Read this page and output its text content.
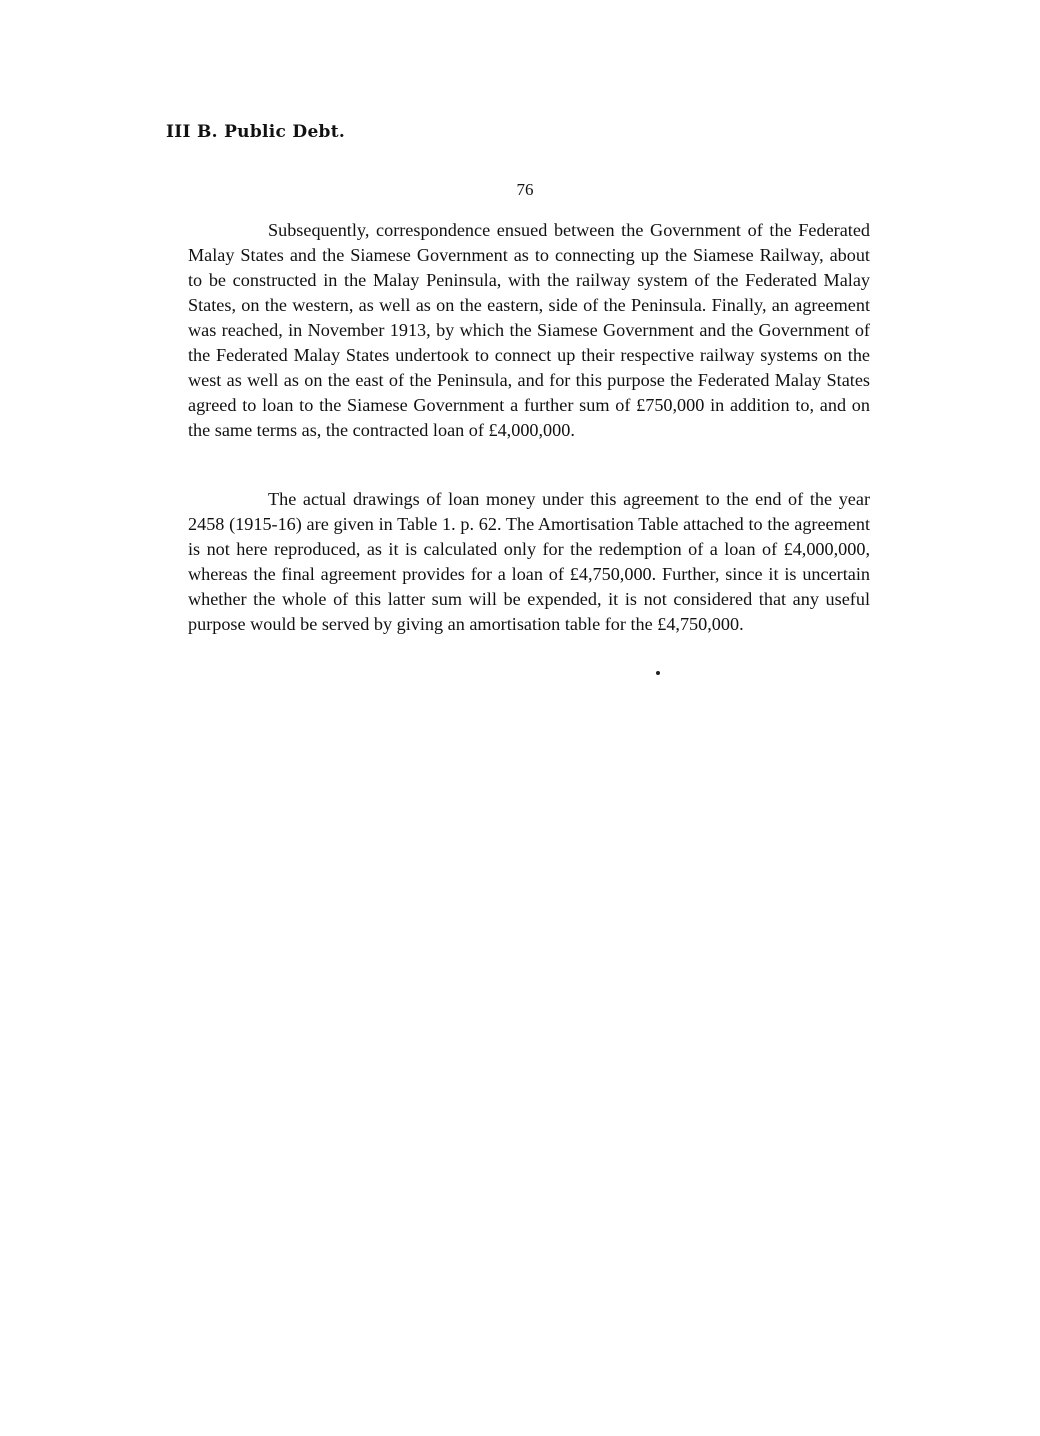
III B. Public Debt.
76

Subsequently, correspondence ensued between the Government of the Federated Malay States and the Siamese Government as to connecting up the Siamese Railway, about to be constructed in the Malay Peninsula, with the railway system of the Federated Malay States, on the western, as well as on the eastern, side of the Peninsula. Finally, an agreement was reached, in November 1913, by which the Siamese Government and the Government of the Federated Malay States undertook to connect up their respective railway systems on the west as well as on the east of the Peninsula, and for this purpose the Federated Malay States agreed to loan to the Siamese Government a further sum of £750,000 in addition to, and on the same terms as, the contracted loan of £4,000,000.

The actual drawings of loan money under this agreement to the end of the year 2458 (1915-16) are given in Table 1. p. 62. The Amortisation Table attached to the agreement is not here reproduced, as it is calculated only for the redemption of a loan of £4,000,000, whereas the final agreement provides for a loan of £4,750,000. Further, since it is uncertain whether the whole of this latter sum will be expended, it is not considered that any useful purpose would be served by giving an amortisation table for the £4,750,000.
